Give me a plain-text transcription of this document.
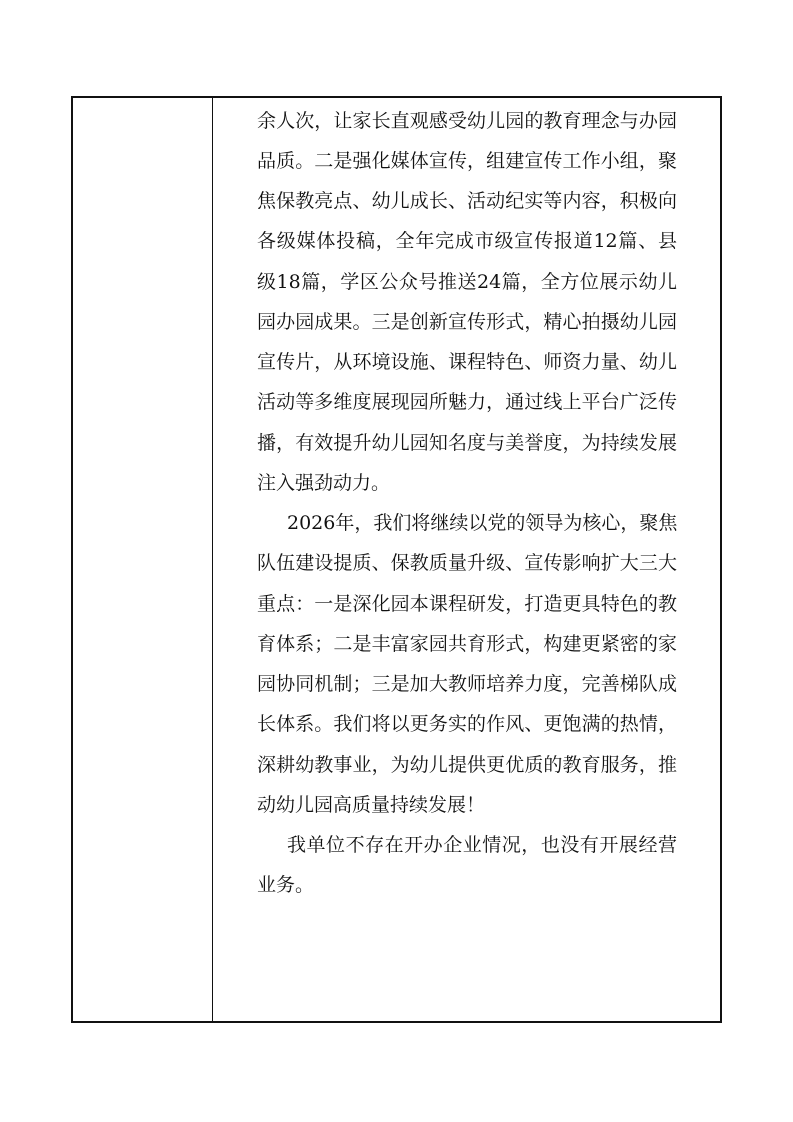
余人次，让家长直观感受幼儿园的教育理念与办园
品质。二是强化媒体宣传，组建宣传工作小组，聚
焦保教亮点、幼儿成长、活动纪实等内容，积极向
各级媒体投稿，全年完成市级宣传报道12篇、县
级18篇，学区公众号推送24篇，全方位展示幼儿
园办园成果。三是创新宣传形式，精心拍摄幼儿园
宣传片，从环境设施、课程特色、师资力量、幼儿
活动等多维度展现园所魅力，通过线上平台广泛传
播，有效提升幼儿园知名度与美誉度，为持续发展
注入强劲动力。
2026年，我们将继续以党的领导为核心，聚焦
队伍建设提质、保教质量升级、宣传影响扩大三大
重点：一是深化园本课程研发，打造更具特色的教
育体系；二是丰富家园共育形式，构建更紧密的家
园协同机制；三是加大教师培养力度，完善梯队成
长体系。我们将以更务实的作风、更饱满的热情，
深耕幼教事业，为幼儿提供更优质的教育服务，推
动幼儿园高质量持续发展！
我单位不存在开办企业情况，也没有开展经营
业务。
